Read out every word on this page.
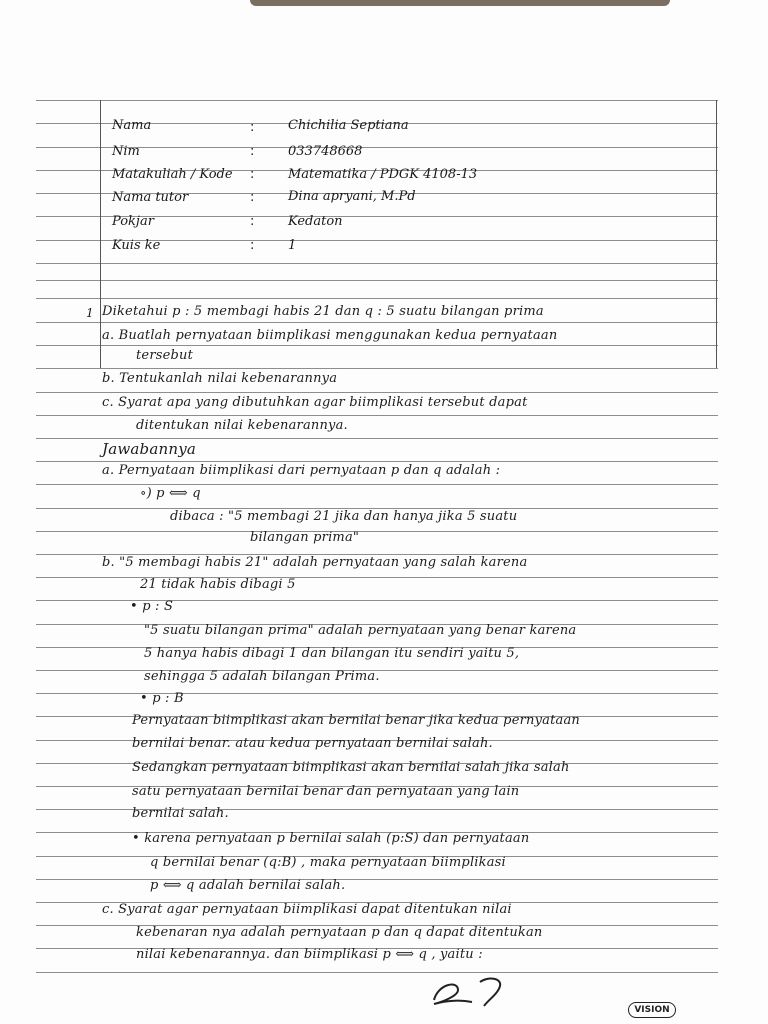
Nama	:	Chichilia Septiana
Nim	:	033748668
Matakuliah / Kode :	Matematika / PDGK 4108-13
Nama tutor	:	Dina apryani, M.Pd
Pokjar	:	Kedaton
Kuis ke	:	1
1 Diketahui p : 5 membagi habis 21 dan q : 5 suatu bilangan prima
a. Buatlah pernyataan biimplikasi menggunakan kedua pernyataan
tersebut
b. Tentukanlah nilai kebenarannya
c. Syarat apa yang dibutuhkan agar biimplikasi tersebut dapat
ditentukan nilai kebenarannya.
Jawabannya
a. Pernyataan biimplikasi dari pernyataan p dan q adalah :
∘) p ⟺ q
dibaca : "5 membagi 21 jika dan hanya jika 5 suatu
bilangan prima"
b. "5 membagi habis 21" adalah pernyataan yang salah karena
21 tidak habis dibagi 5
• p : S
"5 suatu bilangan prima" adalah pernyataan yang benar karena
5 hanya habis dibagi 1 dan bilangan itu sendiri yaitu 5,
sehingga 5 adalah bilangan Prima.
• p : B
Pernyataan biimplikasi akan bernilai benar jika kedua pernyataan
bernilai benar. atau kedua pernyataan bernilai salah.
Sedangkan pernyataan biimplikasi akan bernilai salah jika salah
satu pernyataan bernilai benar dan pernyataan yang lain
bernilai salah.
• karena pernyataan p bernilai salah (p:S) dan pernyataan
q bernilai benar (q:B) , maka pernyataan biimplikasi
p ⟺ q adalah bernilai salah.
c. Syarat agar pernyataan biimplikasi dapat ditentukan nilai
kebenaran nya adalah pernyataan p dan q dapat ditentukan
nilai kebenarannya. dan biimplikasi p ⟺ q , yaitu :
VISION
